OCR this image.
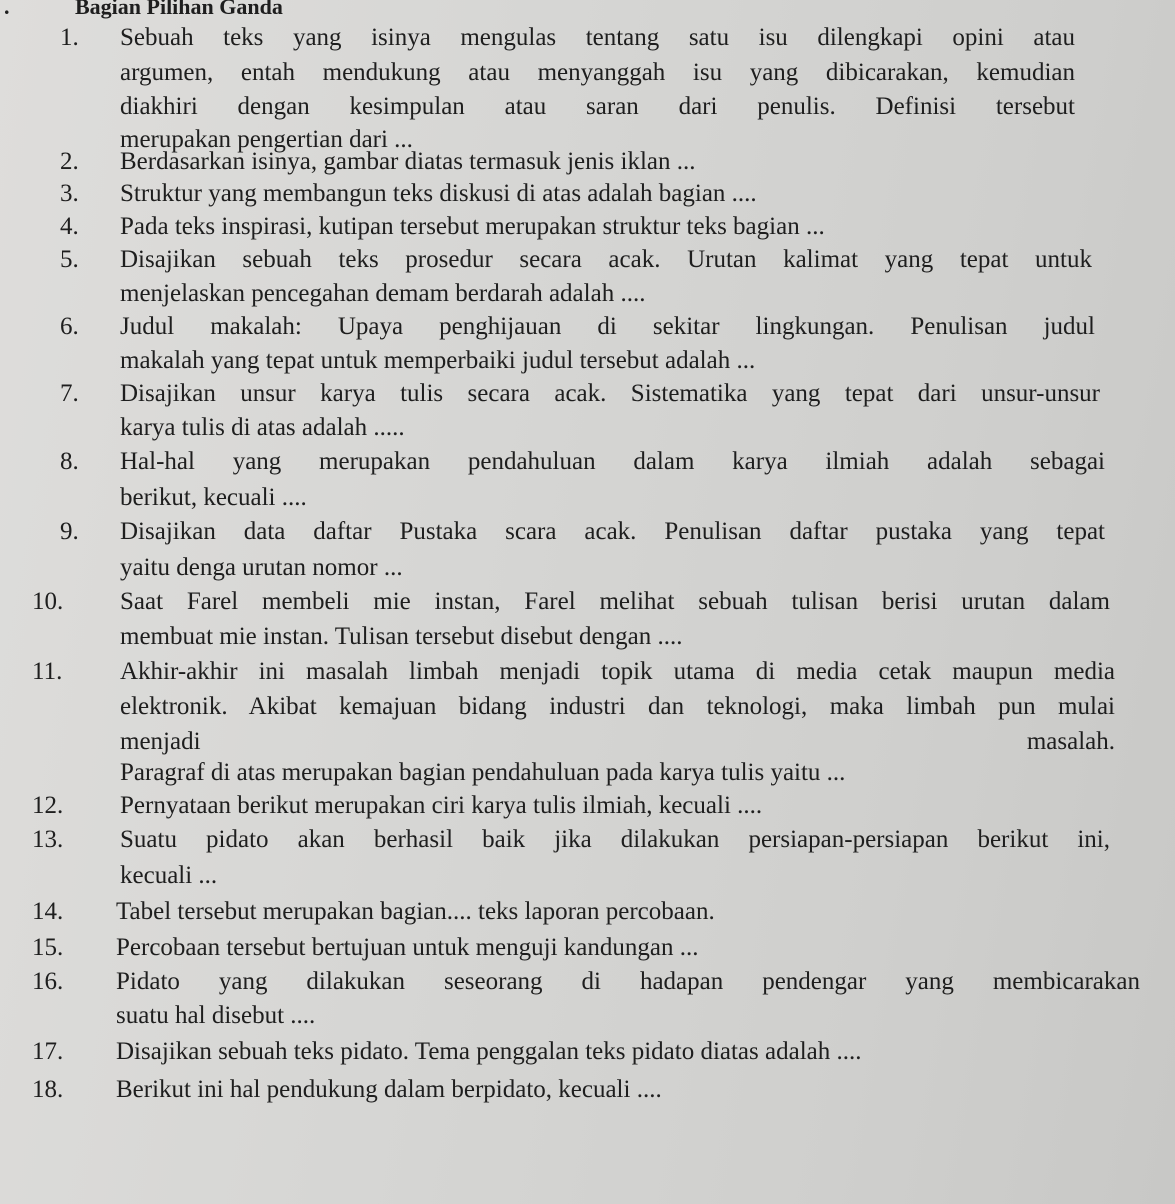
.	Bagian Pilihan Ganda
1. Sebuah teks yang isinya mengulas tentang satu isu dilengkapi opini atau
argumen, entah mendukung atau menyanggah isu yang dibicarakan, kemudian
diakhiri dengan kesimpulan atau saran dari penulis. Definisi tersebut
merupakan pengertian dari ...
2. Berdasarkan isinya, gambar diatas termasuk jenis iklan ...
3. Struktur yang membangun teks diskusi di atas adalah bagian ....
4. Pada teks inspirasi, kutipan tersebut merupakan struktur teks bagian ...
5. Disajikan sebuah teks prosedur secara acak. Urutan kalimat yang tepat untuk
menjelaskan pencegahan demam berdarah adalah ....
6. Judul makalah: Upaya penghijauan di sekitar lingkungan. Penulisan judul
makalah yang tepat untuk memperbaiki judul tersebut adalah ...
7. Disajikan unsur karya tulis secara acak. Sistematika yang tepat dari unsur-unsur
karya tulis di atas adalah .....
8. Hal-hal yang merupakan pendahuluan dalam karya ilmiah adalah sebagai
berikut, kecuali ....
9. Disajikan data daftar Pustaka scara acak. Penulisan daftar pustaka yang tepat
yaitu denga urutan nomor ...
10. Saat Farel membeli mie instan, Farel melihat sebuah tulisan berisi urutan dalam
membuat mie instan. Tulisan tersebut disebut dengan ....
11. Akhir-akhir ini masalah limbah menjadi topik utama di media cetak maupun media
elektronik. Akibat kemajuan bidang industri dan teknologi, maka limbah pun mulai
menjadi masalah.
Paragraf di atas merupakan bagian pendahuluan pada karya tulis yaitu ...
12. Pernyataan berikut merupakan ciri karya tulis ilmiah, kecuali ....
13. Suatu pidato akan berhasil baik jika dilakukan persiapan-persiapan berikut ini,
kecuali ...
14. Tabel tersebut merupakan bagian.... teks laporan percobaan.
15. Percobaan tersebut bertujuan untuk menguji kandungan ...
16. Pidato yang dilakukan seseorang di hadapan pendengar yang membicarakan
suatu hal disebut ....
17. Disajikan sebuah teks pidato. Tema penggalan teks pidato diatas adalah ....
18. Berikut ini hal pendukung dalam berpidato, kecuali ....
